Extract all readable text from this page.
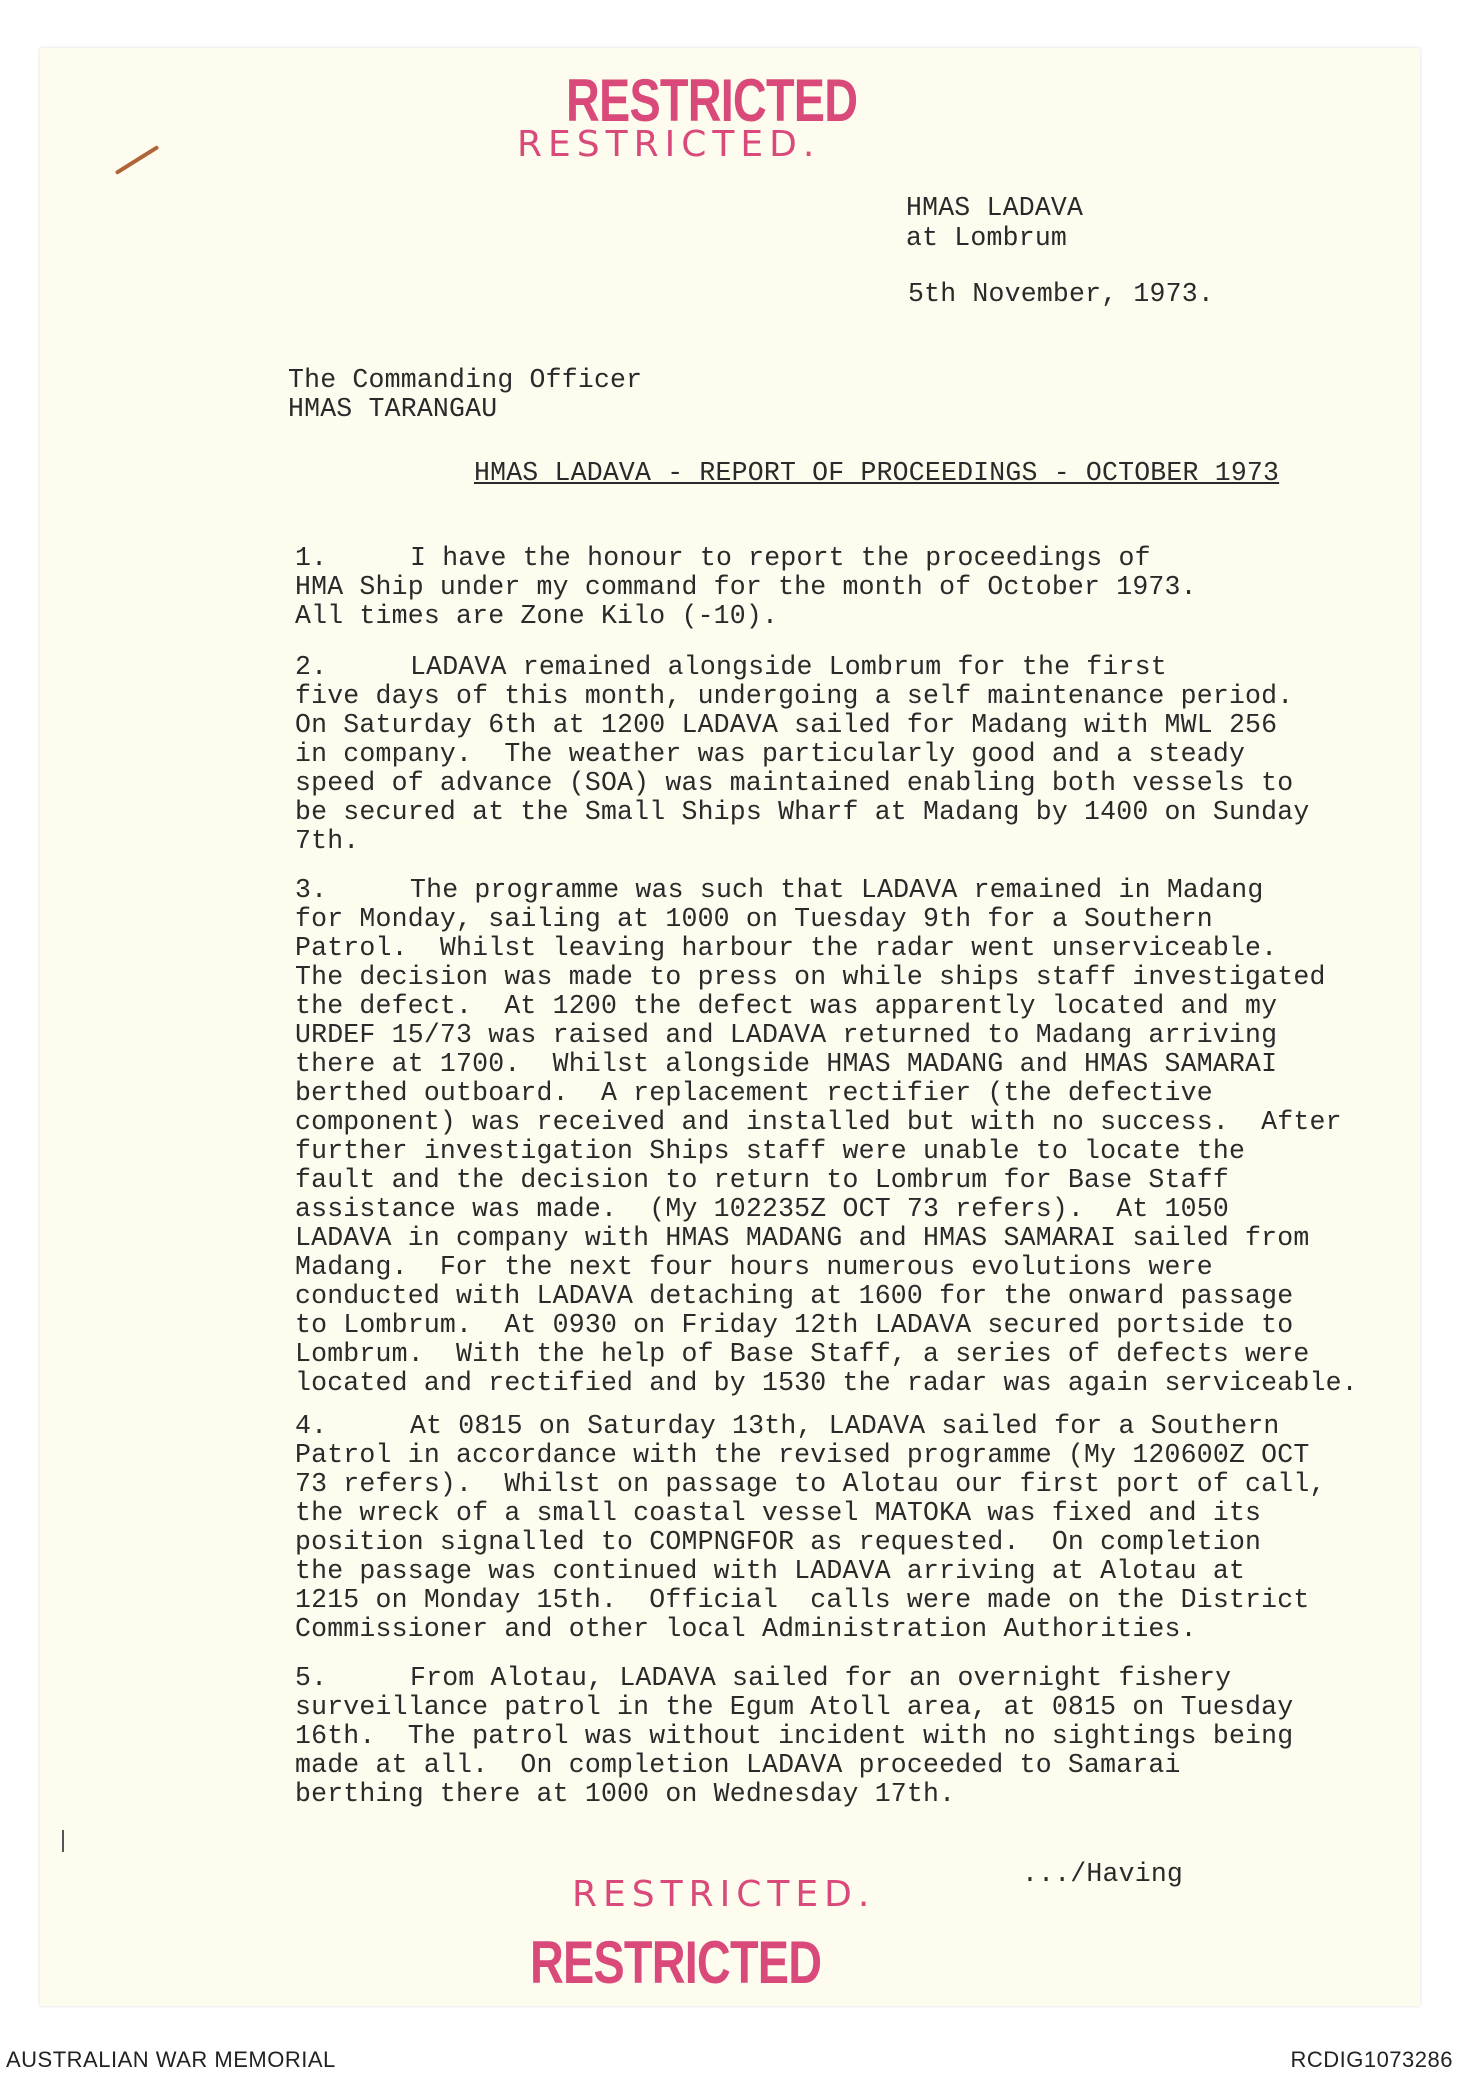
RESTRICTED
RESTRICTED.
HMAS LADAVA
at Lombrum
5th November, 1973.
The Commanding Officer
HMAS TARANGAU
HMAS LADAVA - REPORT OF PROCEEDINGS - OCTOBER 1973
1.	I have the honour to report the proceedings of
HMA Ship under my command for the month of October 1973.
All times are Zone Kilo (-10).
2.	LADAVA remained alongside Lombrum for the first
five days of this month, undergoing a self maintenance period.
On Saturday 6th at 1200 LADAVA sailed for Madang with MWL 256
in company.  The weather was particularly good and a steady
speed of advance (SOA) was maintained enabling both vessels to
be secured at the Small Ships Wharf at Madang by 1400 on Sunday
7th.
3.	The programme was such that LADAVA remained in Madang
for Monday, sailing at 1000 on Tuesday 9th for a Southern
Patrol.  Whilst leaving harbour the radar went unserviceable.
The decision was made to press on while ships staff investigated
the defect.  At 1200 the defect was apparently located and my
URDEF 15/73 was raised and LADAVA returned to Madang arriving
there at 1700.  Whilst alongside HMAS MADANG and HMAS SAMARAI
berthed outboard.  A replacement rectifier (the defective
component) was received and installed but with no success.  After
further investigation Ships staff were unable to locate the
fault and the decision to return to Lombrum for Base Staff
assistance was made.  (My 102235Z OCT 73 refers).  At 1050
LADAVA in company with HMAS MADANG and HMAS SAMARAI sailed from
Madang.  For the next four hours numerous evolutions were
conducted with LADAVA detaching at 1600 for the onward passage
to Lombrum.  At 0930 on Friday 12th LADAVA secured portside to
Lombrum.  With the help of Base Staff, a series of defects were
located and rectified and by 1530 the radar was again serviceable.
4.	At 0815 on Saturday 13th, LADAVA sailed for a Southern
Patrol in accordance with the revised programme (My 120600Z OCT
73 refers).  Whilst on passage to Alotau our first port of call,
the wreck of a small coastal vessel MATOKA was fixed and its
position signalled to COMPNGFOR as requested.  On completion
the passage was continued with LADAVA arriving at Alotau at
1215 on Monday 15th.  Official  calls were made on the District
Commissioner and other local Administration Authorities.
5.	From Alotau, LADAVA sailed for an overnight fishery
surveillance patrol in the Egum Atoll area, at 0815 on Tuesday
16th.  The patrol was without incident with no sightings being
made at all.  On completion LADAVA proceeded to Samarai
berthing there at 1000 on Wednesday 17th.
.../Having
RESTRICTED.
RESTRICTED
AUSTRALIAN WAR MEMORIAL	RCDIG1073286
